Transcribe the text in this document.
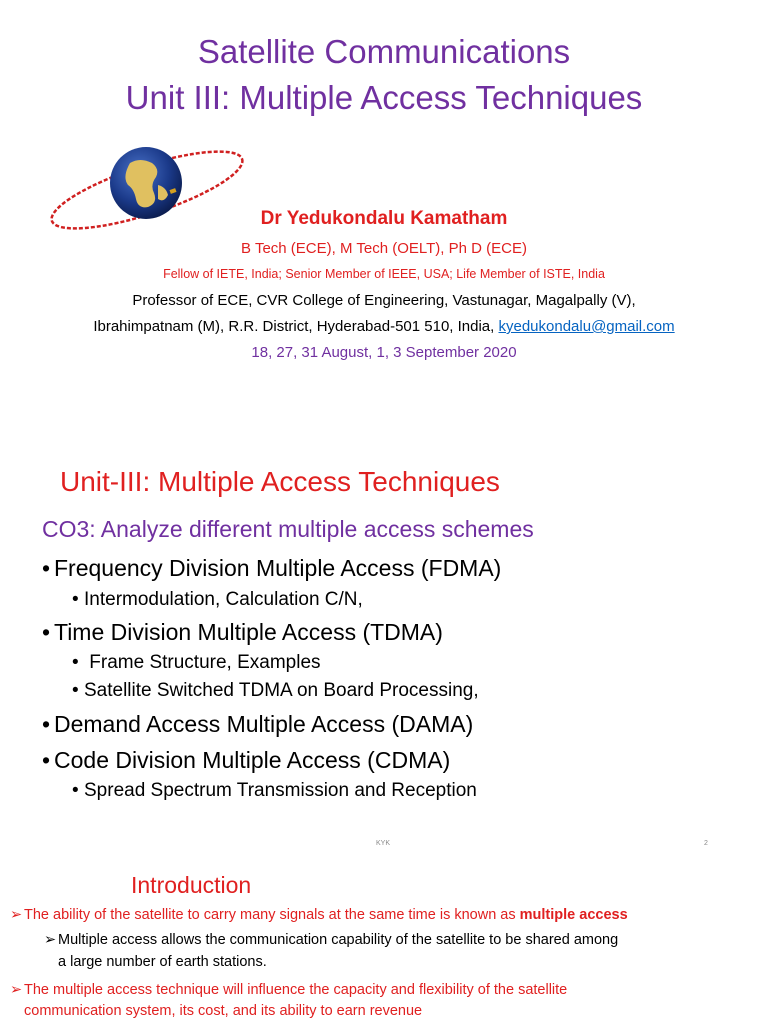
Satellite Communications
Unit III: Multiple Access Techniques
Dr Yedukondalu Kamatham
B Tech (ECE), M Tech (OELT), Ph D (ECE)
Fellow of IETE, India; Senior Member of IEEE, USA; Life Member of ISTE, India
Professor of ECE, CVR College of Engineering, Vastunagar, Magalpally (V),
Ibrahimpatnam (M), R.R. District, Hyderabad-501 510, India, kyedukondalu@gmail.com
18, 27, 31 August, 1, 3 September 2020
Unit-III: Multiple Access Techniques
CO3: Analyze different multiple access schemes
• Frequency Division Multiple Access (FDMA)
• Intermodulation, Calculation C/N,
• Time Division Multiple Access (TDMA)
• Frame Structure, Examples
• Satellite Switched TDMA on Board Processing,
• Demand Access Multiple Access (DAMA)
• Code Division Multiple Access (CDMA)
• Spread Spectrum Transmission and Reception
KYK	2
Introduction
➢ The ability of the satellite to carry many signals at the same time is known as multiple access
➢ Multiple access allows the communication capability of the satellite to be shared among
a large number of earth stations.
➢ The multiple access technique will influence the capacity and flexibility of the satellite
communication system, its cost, and its ability to earn revenue
